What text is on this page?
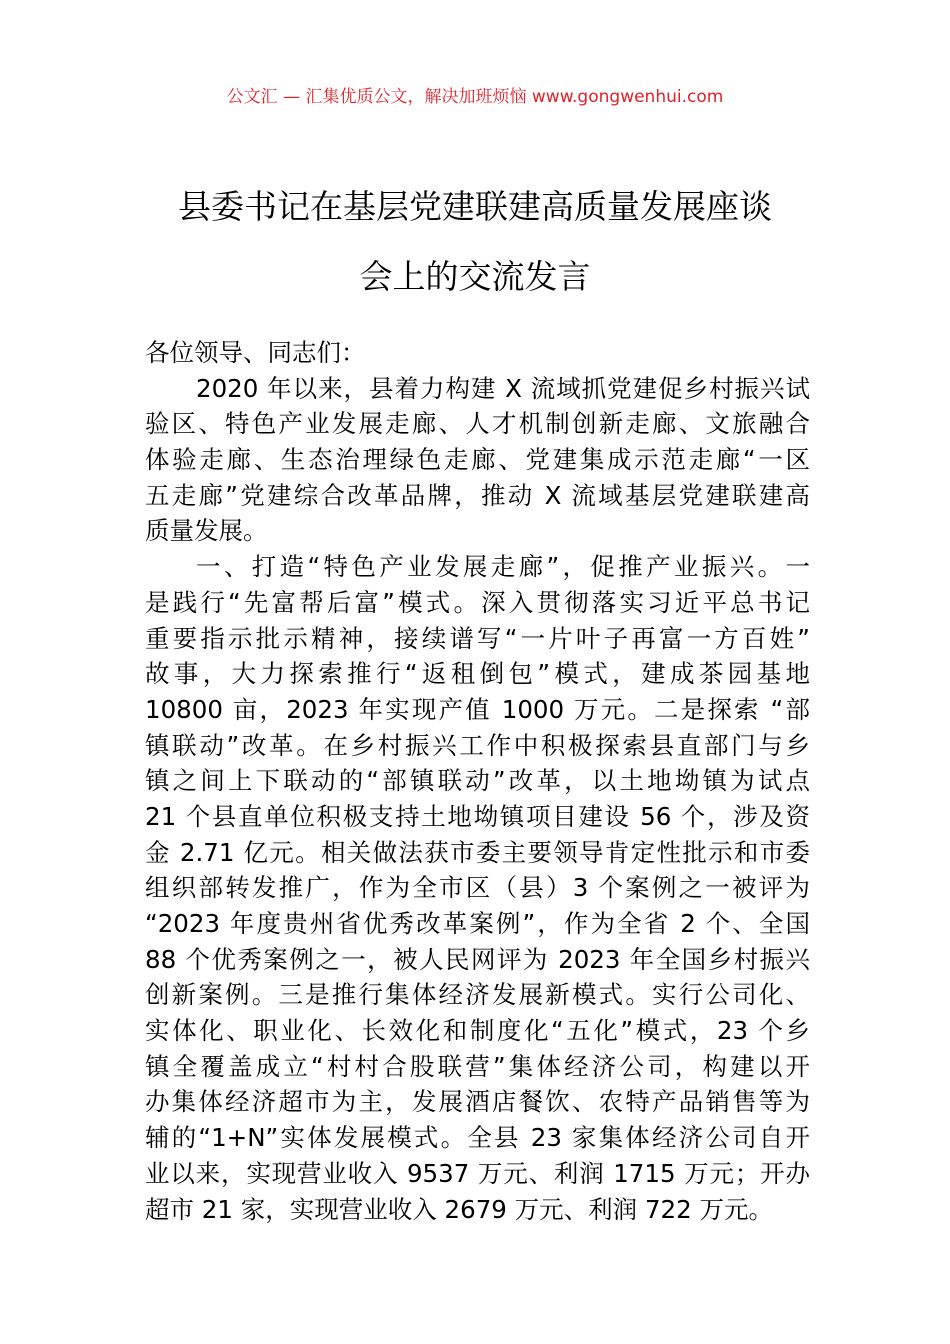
公文汇 — 汇集优质公文，解决加班烦恼 www.gongwenhui.com
县委书记在基层党建联建高质量发展座谈
会上的交流发言
各位领导、同志们：
2020 年以来，县着力构建 X 流域抓党建促乡村振兴试
验区、特色产业发展走廊、人才机制创新走廊、文旅融合
体验走廊、生态治理绿色走廊、党建集成示范走廊“一区
五走廊”党建综合改革品牌，推动 X 流域基层党建联建高
质量发展。
一、打造“特色产业发展走廊”，促推产业振兴。一
是践行“先富帮后富”模式。深入贯彻落实习近平总书记
重要指示批示精神，接续谱写“一片叶子再富一方百姓”
故事，大力探索推行“返租倒包”模式，建成茶园基地
10800 亩，2023 年实现产值 1000 万元。二是探索 “部
镇联动”改革。在乡村振兴工作中积极探索县直部门与乡
镇之间上下联动的“部镇联动”改革，以土地坳镇为试点
21 个县直单位积极支持土地坳镇项目建设 56 个，涉及资
金 2.71 亿元。相关做法获市委主要领导肯定性批示和市委
组织部转发推广，作为全市区（县）3 个案例之一被评为
“2023 年度贵州省优秀改革案例”，作为全省 2 个、全国
88 个优秀案例之一，被人民网评为 2023 年全国乡村振兴
创新案例。三是推行集体经济发展新模式。实行公司化、
实体化、职业化、长效化和制度化“五化”模式，23 个乡
镇全覆盖成立“村村合股联营”集体经济公司，构建以开
办集体经济超市为主，发展酒店餐饮、农特产品销售等为
辅的“1+N”实体发展模式。全县 23 家集体经济公司自开
业以来，实现营业收入 9537 万元、利润 1715 万元；开办
超市 21 家，实现营业收入 2679 万元、利润 722 万元。
